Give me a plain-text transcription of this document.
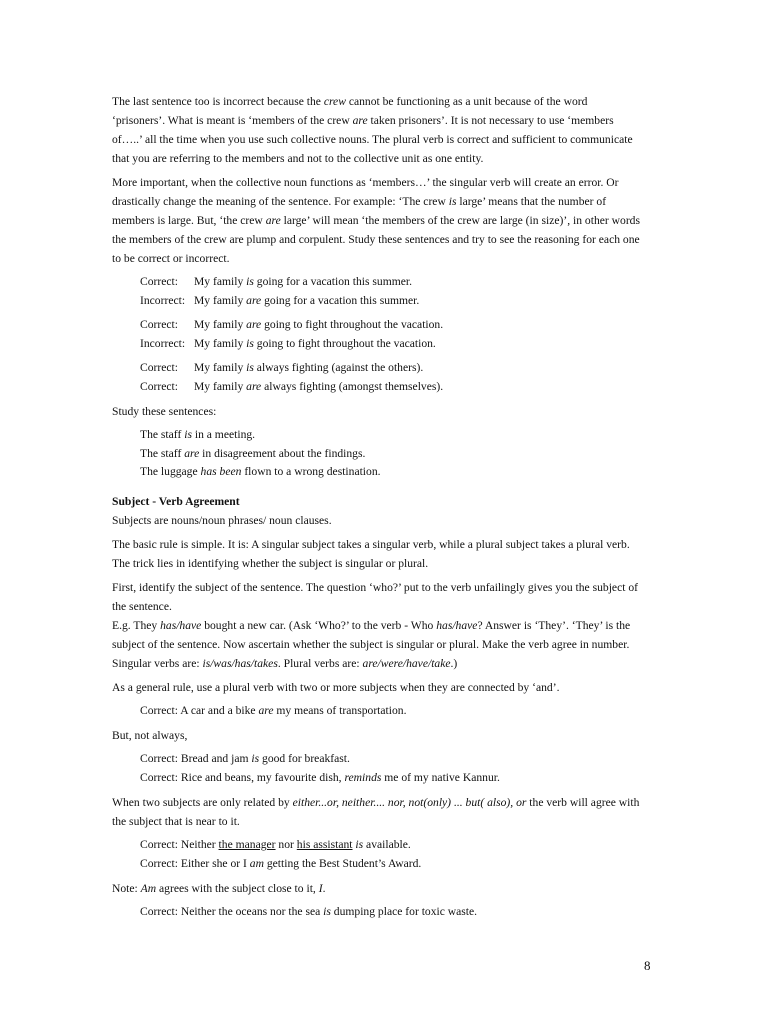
The last sentence too is incorrect because the crew cannot be functioning as a unit because of the word ‘prisoners’. What is meant is ‘members of the crew are taken prisoners’. It is not necessary to use ‘members of…..’ all the time when you use such collective nouns. The plural verb is correct and sufficient to communicate that you are referring to the members and not to the collective unit as one entity.

More important, when the collective noun functions as ‘members…’ the singular verb will create an error. Or drastically change the meaning of the sentence. For example: ‘The crew is large’ means that the number of members is large. But, ‘the crew are large’ will mean ‘the members of the crew are large (in size)’, in other words the members of the crew are plump and corpulent. Study these sentences and try to see the reasoning for each one to be correct or incorrect.

Correct:	My family is going for a vacation this summer.
Incorrect: My family are going for a vacation this summer.
Correct:	My family are going to fight throughout the vacation.
Incorrect: My family is going to fight throughout the vacation.
Correct:	My family is always fighting (against the others).
Correct:	My family are always fighting (amongst themselves).

Study these sentences:

The staff is in a meeting.
The staff are in disagreement about the findings.
The luggage has been flown to a wrong destination.
Subject - Verb Agreement

Subjects are nouns/noun phrases/ noun clauses.

The basic rule is simple. It is: A singular subject takes a singular verb, while a plural subject takes a plural verb. The trick lies in identifying whether the subject is singular or plural.

First, identify the subject of the sentence. The question ‘who?’ put to the verb unfailingly gives you the subject of the sentence.

E.g. They has/have bought a new car. (Ask ‘Who?’ to the verb - Who has/have? Answer is ‘They’. ‘They’ is the subject of the sentence. Now ascertain whether the subject is singular or plural. Make the verb agree in number. Singular verbs are: is/was/has/takes. Plural verbs are: are/were/have/take.)

As a general rule, use a plural verb with two or more subjects when they are connected by ‘and’.

Correct: A car and a bike are my means of transportation.

But, not always,

Correct: Bread and jam is good for breakfast.
Correct: Rice and beans, my favourite dish, reminds me of my native Kannur.

When two subjects are only related by either...or, neither.... nor, not(only) ... but( also), or the verb will agree with the subject that is near to it.

Correct: Neither the manager nor his assistant is available.
Correct: Either she or I am getting the Best Student’s Award.

Note: Am agrees with the subject close to it, I.

Correct: Neither the oceans nor the sea is dumping place for toxic waste.
8
